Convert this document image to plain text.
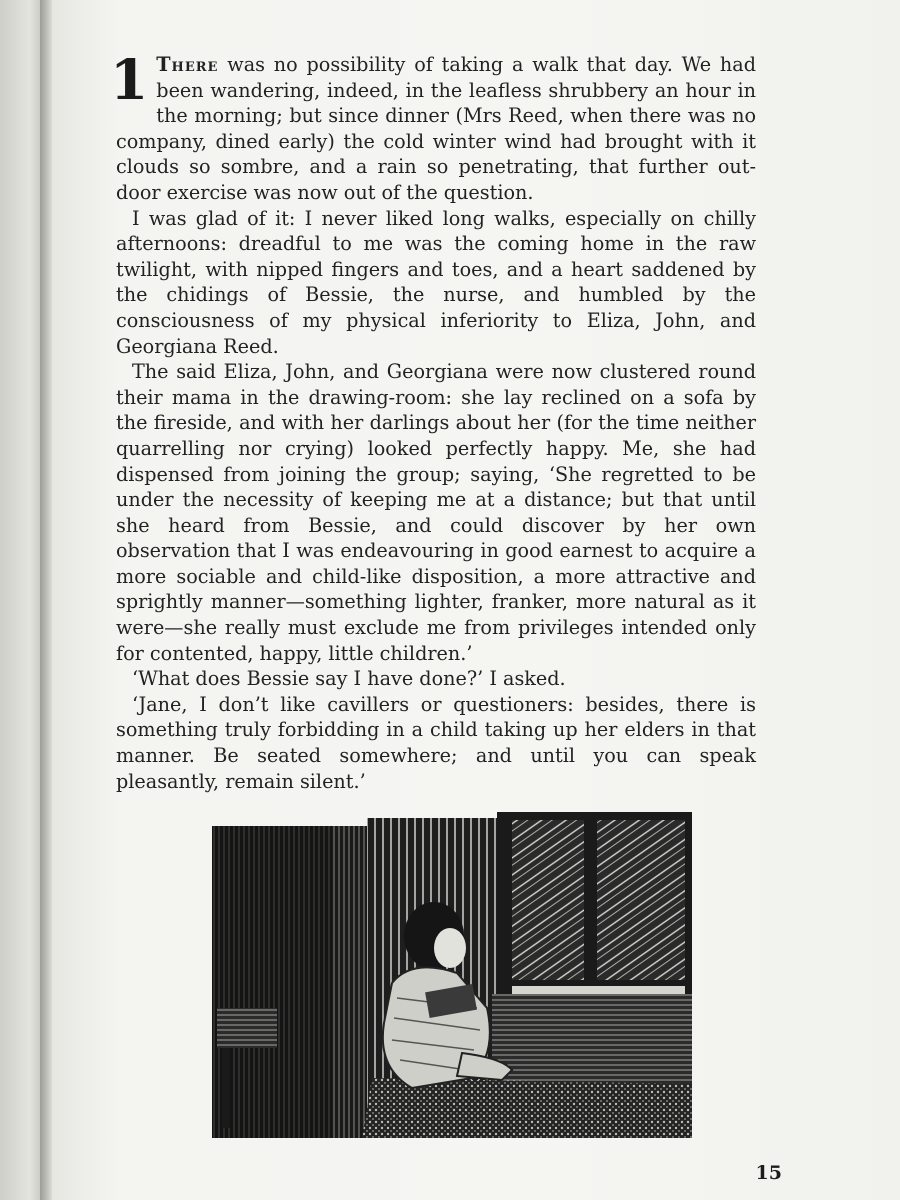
1 There was no possibility of taking a walk that day. We had been wandering, indeed, in the leafless shrubbery an hour in the morning; but since dinner (Mrs Reed, when there was no company, dined early) the cold winter wind had brought with it clouds so sombre, and a rain so penetrating, that further out-door exercise was now out of the question.

I was glad of it: I never liked long walks, especially on chilly afternoons: dreadful to me was the coming home in the raw twilight, with nipped fingers and toes, and a heart saddened by the chidings of Bessie, the nurse, and humbled by the consciousness of my physical inferiority to Eliza, John, and Georgiana Reed.

The said Eliza, John, and Georgiana were now clustered round their mama in the drawing-room: she lay reclined on a sofa by the fireside, and with her darlings about her (for the time neither quarrelling nor crying) looked perfectly happy. Me, she had dispensed from joining the group; saying, ‘She regretted to be under the necessity of keeping me at a distance; but that until she heard from Bessie, and could discover by her own observation that I was endeavouring in good earnest to acquire a more sociable and child-like disposition, a more attractive and sprightly manner—something lighter, franker, more natural as it were—she really must exclude me from privileges intended only for contented, happy, little children.’

‘What does Bessie say I have done?’ I asked.

‘Jane, I don’t like cavillers or questioners: besides, there is something truly forbidding in a child taking up her elders in that manner. Be seated somewhere; and until you can speak pleasantly, remain silent.’

15
